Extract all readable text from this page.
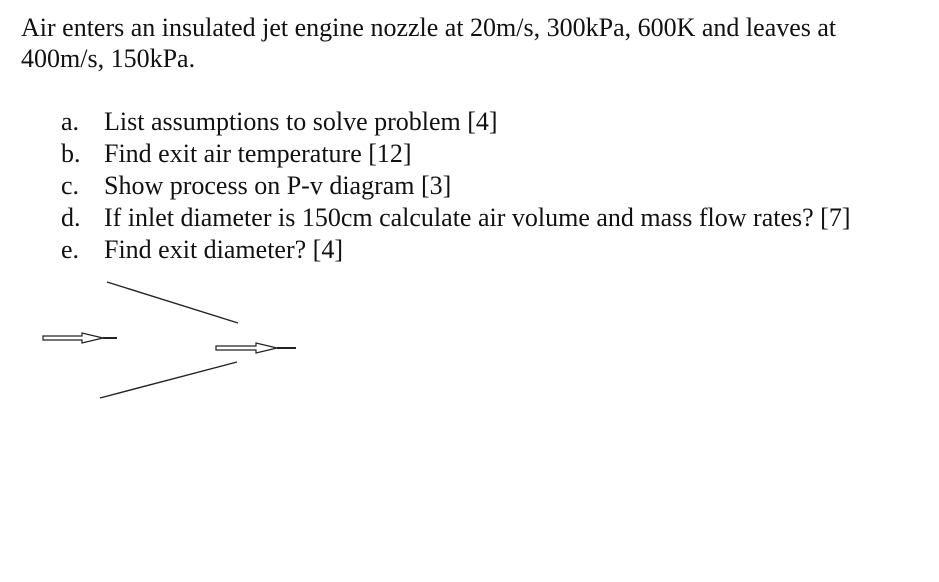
Air enters an insulated jet engine nozzle at 20m/s, 300kPa, 600K and leaves at 400m/s, 150kPa.

a. List assumptions to solve problem [4]
b. Find exit air temperature [12]
c. Show process on P-v diagram [3]
d. If inlet diameter is 150cm calculate air volume and mass flow rates? [7]
e. Find exit diameter? [4]
